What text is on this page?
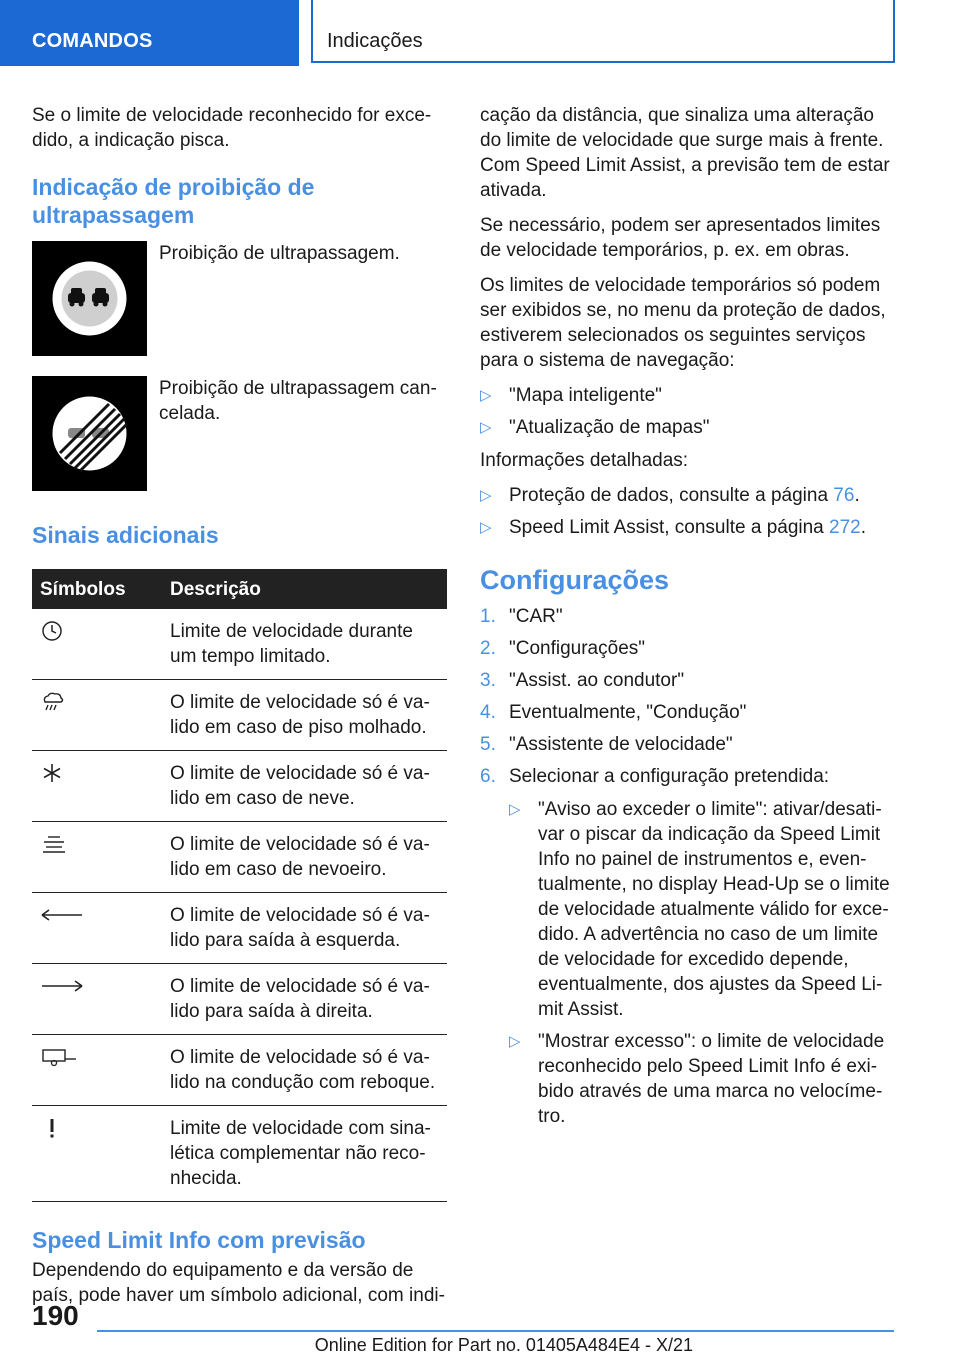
COMANDOS	Indicações

Se o limite de velocidade reconhecido for excedido, a indicação pisca.

Indicação de proibição de ultrapassagem
Proibição de ultrapassagem.
Proibição de ultrapassagem cancelada.
Sinais adicionais
Símbolos	Descrição

	Limite de velocidade durante um tempo limitado.

	O limite de velocidade só é valido em caso de piso molhado.

	O limite de velocidade só é valido em caso de neve.

	O limite de velocidade só é valido em caso de nevoeiro.

	O limite de velocidade só é valido para saída à esquerda.

	O limite de velocidade só é valido para saída à direita.

	O limite de velocidade só é valido na condução com reboque.

	Limite de velocidade com sinalética complementar não reconhecida.
Speed Limit Info com previsão

Dependendo do equipamento e da versão de país, pode haver um símbolo adicional, com indi-

cação da distância, que sinaliza uma alteração do limite de velocidade que surge mais à frente. Com Speed Limit Assist, a previsão tem de estar ativada.

Se necessário, podem ser apresentados limites de velocidade temporários, p. ex. em obras.

Os limites de velocidade temporários só podem ser exibidos se, no menu da proteção de dados, estiverem selecionados os seguintes serviços para o sistema de navegação:

▷ "Mapa inteligente"
▷ "Atualização de mapas"

Informações detalhadas:

▷ Proteção de dados, consulte a página 76.
▷ Speed Limit Assist, consulte a página 272.
Configurações
1. "CAR"
2. "Configurações"
3. "Assist. ao condutor"
4. Eventualmente, "Condução"
5. "Assistente de velocidade"
6. Selecionar a configuração pretendida:
▷ "Aviso ao exceder o limite": ativar/desativar o piscar da indicação da Speed Limit Info no painel de instrumentos e, eventualmente, no display Head-Up se o limite de velocidade atualmente válido for excedido. A advertência no caso de um limite de velocidade for excedido depende, eventualmente, dos ajustes da Speed Limit Assist.
▷ "Mostrar excesso": o limite de velocidade reconhecido pelo Speed Limit Info é exibido através de uma marca no velocímetro.
190
Online Edition for Part no. 01405A484E4 - X/21
